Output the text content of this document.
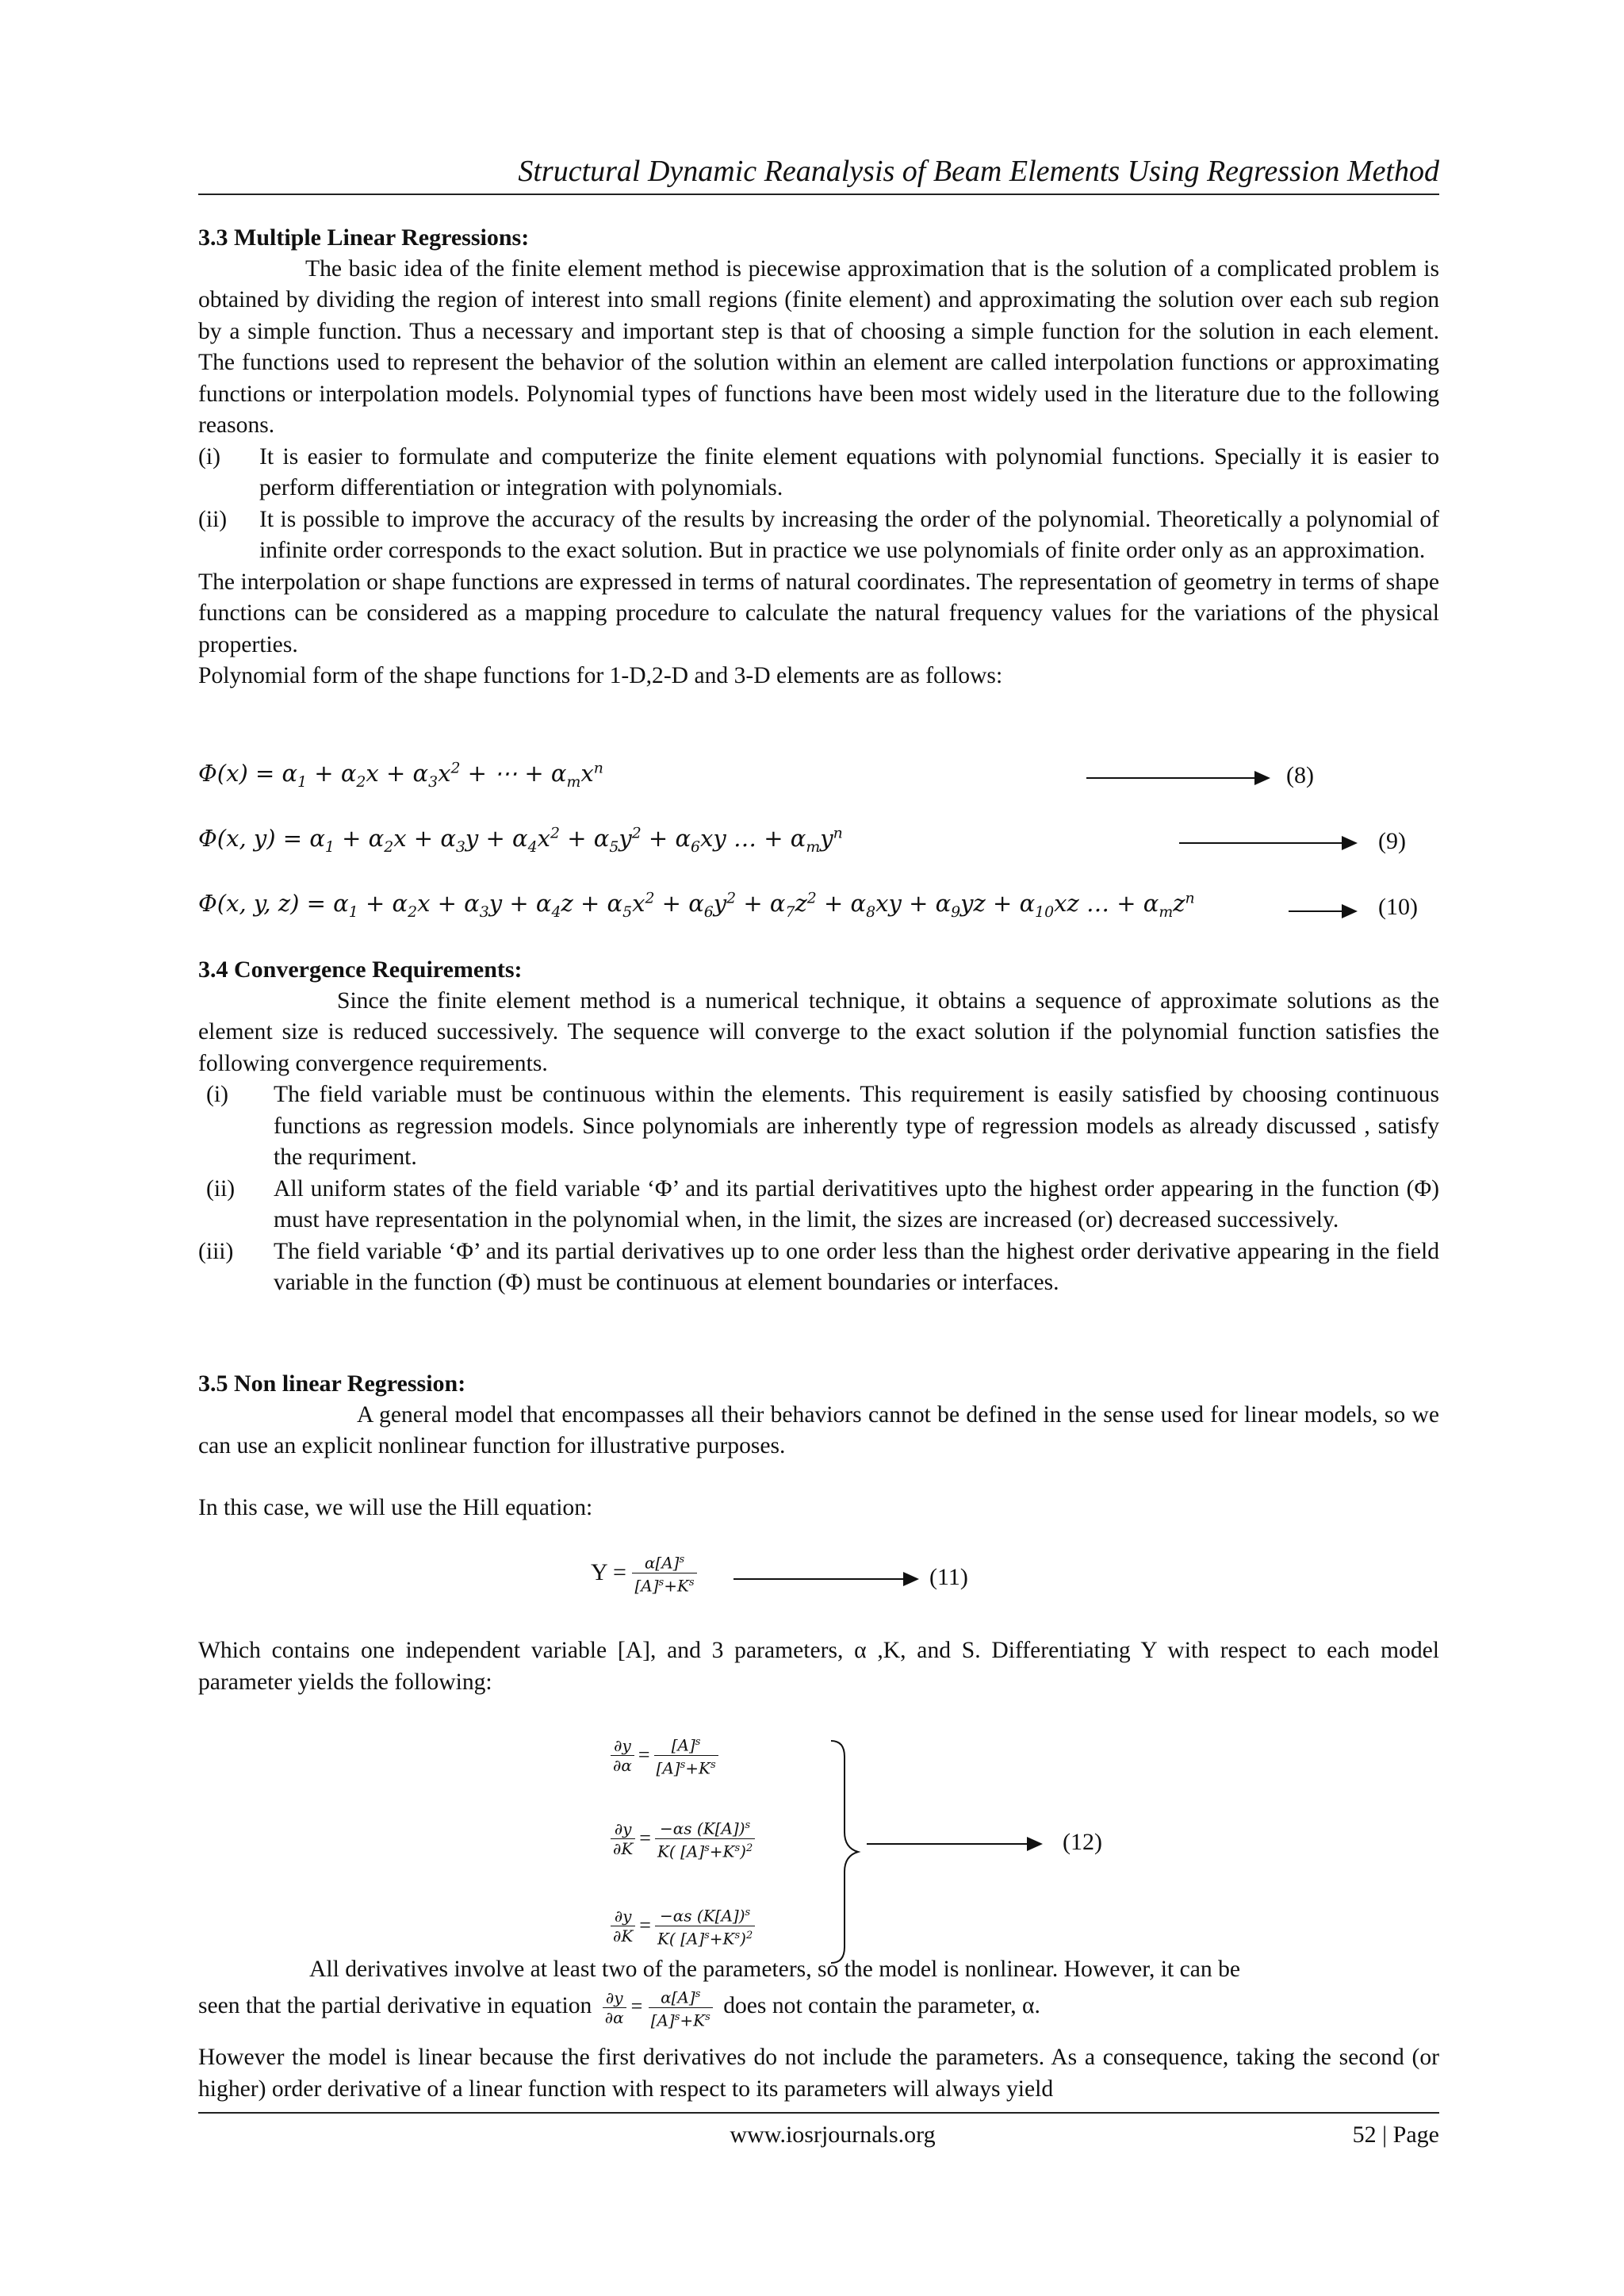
Structural Dynamic Reanalysis of Beam Elements Using Regression Method

3.3 Multiple Linear Regressions:

The basic idea of the finite element method is piecewise approximation that is the solution of a complicated problem is obtained by dividing the region of interest into small regions (finite element) and approximating the solution over each sub region by a simple function. Thus a necessary and important step is that of choosing a simple function for the solution in each element. The functions used to represent the behavior of the solution within an element are called interpolation functions or approximating functions or interpolation models. Polynomial types of functions have been most widely used in the literature due to the following reasons.

(i) It is easier to formulate and computerize the finite element equations with polynomial functions. Specially it is easier to perform differentiation or integration with polynomials.

(ii) It is possible to improve the accuracy of the results by increasing the order of the polynomial. Theoretically a polynomial of infinite order corresponds to the exact solution. But in practice we use polynomials of finite order only as an approximation.

The interpolation or shape functions are expressed in terms of natural coordinates. The representation of geometry in terms of shape functions can be considered as a mapping procedure to calculate the natural frequency values for the variations of the physical properties.

Polynomial form of the shape functions for 1-D,2-D and 3-D elements are as follows:

$\Phi(x) = \alpha_1 + \alpha_2x + \alpha_3x^2$ + ⋯ + $\alpha_mx^n$	(8)
Φ(x, $y) = \alpha_1 + \alpha_2x + \alpha_3y + \alpha_4x^2 + \alpha_5y^2 + \alpha_6xy$ … + $\alpha_my^n$	(9)
Φ(x, y, $z) = \alpha_1 + \alpha_2x + \alpha_3y + \alpha_4z + \alpha_5x^2 + \alpha_6y^2 + \alpha_7z^2 + \alpha_8xy + \alpha_9yz + \alpha_{10}xz$ … + $\alpha_mz^n$	(10)

3.4 Convergence Requirements:

Since the finite element method is a numerical technique, it obtains a sequence of approximate solutions as the element size is reduced successively. The sequence will converge to the exact solution if the polynomial function satisfies the following convergence requirements.

(i) The field variable must be continuous within the elements. This requirement is easily satisfied by choosing continuous functions as regression models. Since polynomials are inherently type of regression models as already discussed , satisfy the requriment.

(ii) All uniform states of the field variable ‘Φ’ and its partial derivatitives upto the highest order appearing in the function (Φ) must have representation in the polynomial when, in the limit, the sizes are increased (or) decreased successively.

(iii) The field variable ‘Φ’ and its partial derivatives up to one order less than the highest order derivative appearing in the field variable in the function (Φ) must be continuous at element boundaries or interfaces.

3.5 Non linear Regression:

A general model that encompasses all their behaviors cannot be defined in the sense used for linear models, so we can use an explicit nonlinear function for illustrative purposes.

In this case, we will use the Hill equation:
$Y = \frac{\alpha[A]^s}{[A]^s+K^s}$	(11)
Which contains one independent variable [A], and 3 parameters, α ,K, and S. Differentiating Y with respect to each model parameter yields the following:
$\frac{\partial y}{\partial\alpha} = \frac{[A]^s}{[A]^s+K^s}$
$\frac{\partial y}{\partial K} = \frac{-\alpha s (K[A])^s}{K( [A]^s+K^s)^2}$
$\frac{\partial y}{\partial K} = \frac{-\alpha s (K[A])^s}{K( [A]^s+K^s)^2}$
(12)
All derivatives involve at least two of the parameters, so the model is nonlinear. However, it can be
seen that the partial derivative in equation $\frac{\partial y}{\partial\alpha} = \frac{\alpha[A]^s}{[A]^s+K^s}$ does not contain the parameter, α.
However the model is linear because the first derivatives do not include the parameters. As a consequence, taking the second (or higher) order derivative of a linear function with respect to its parameters will always yield
www.iosrjournals.org	52 | Page
